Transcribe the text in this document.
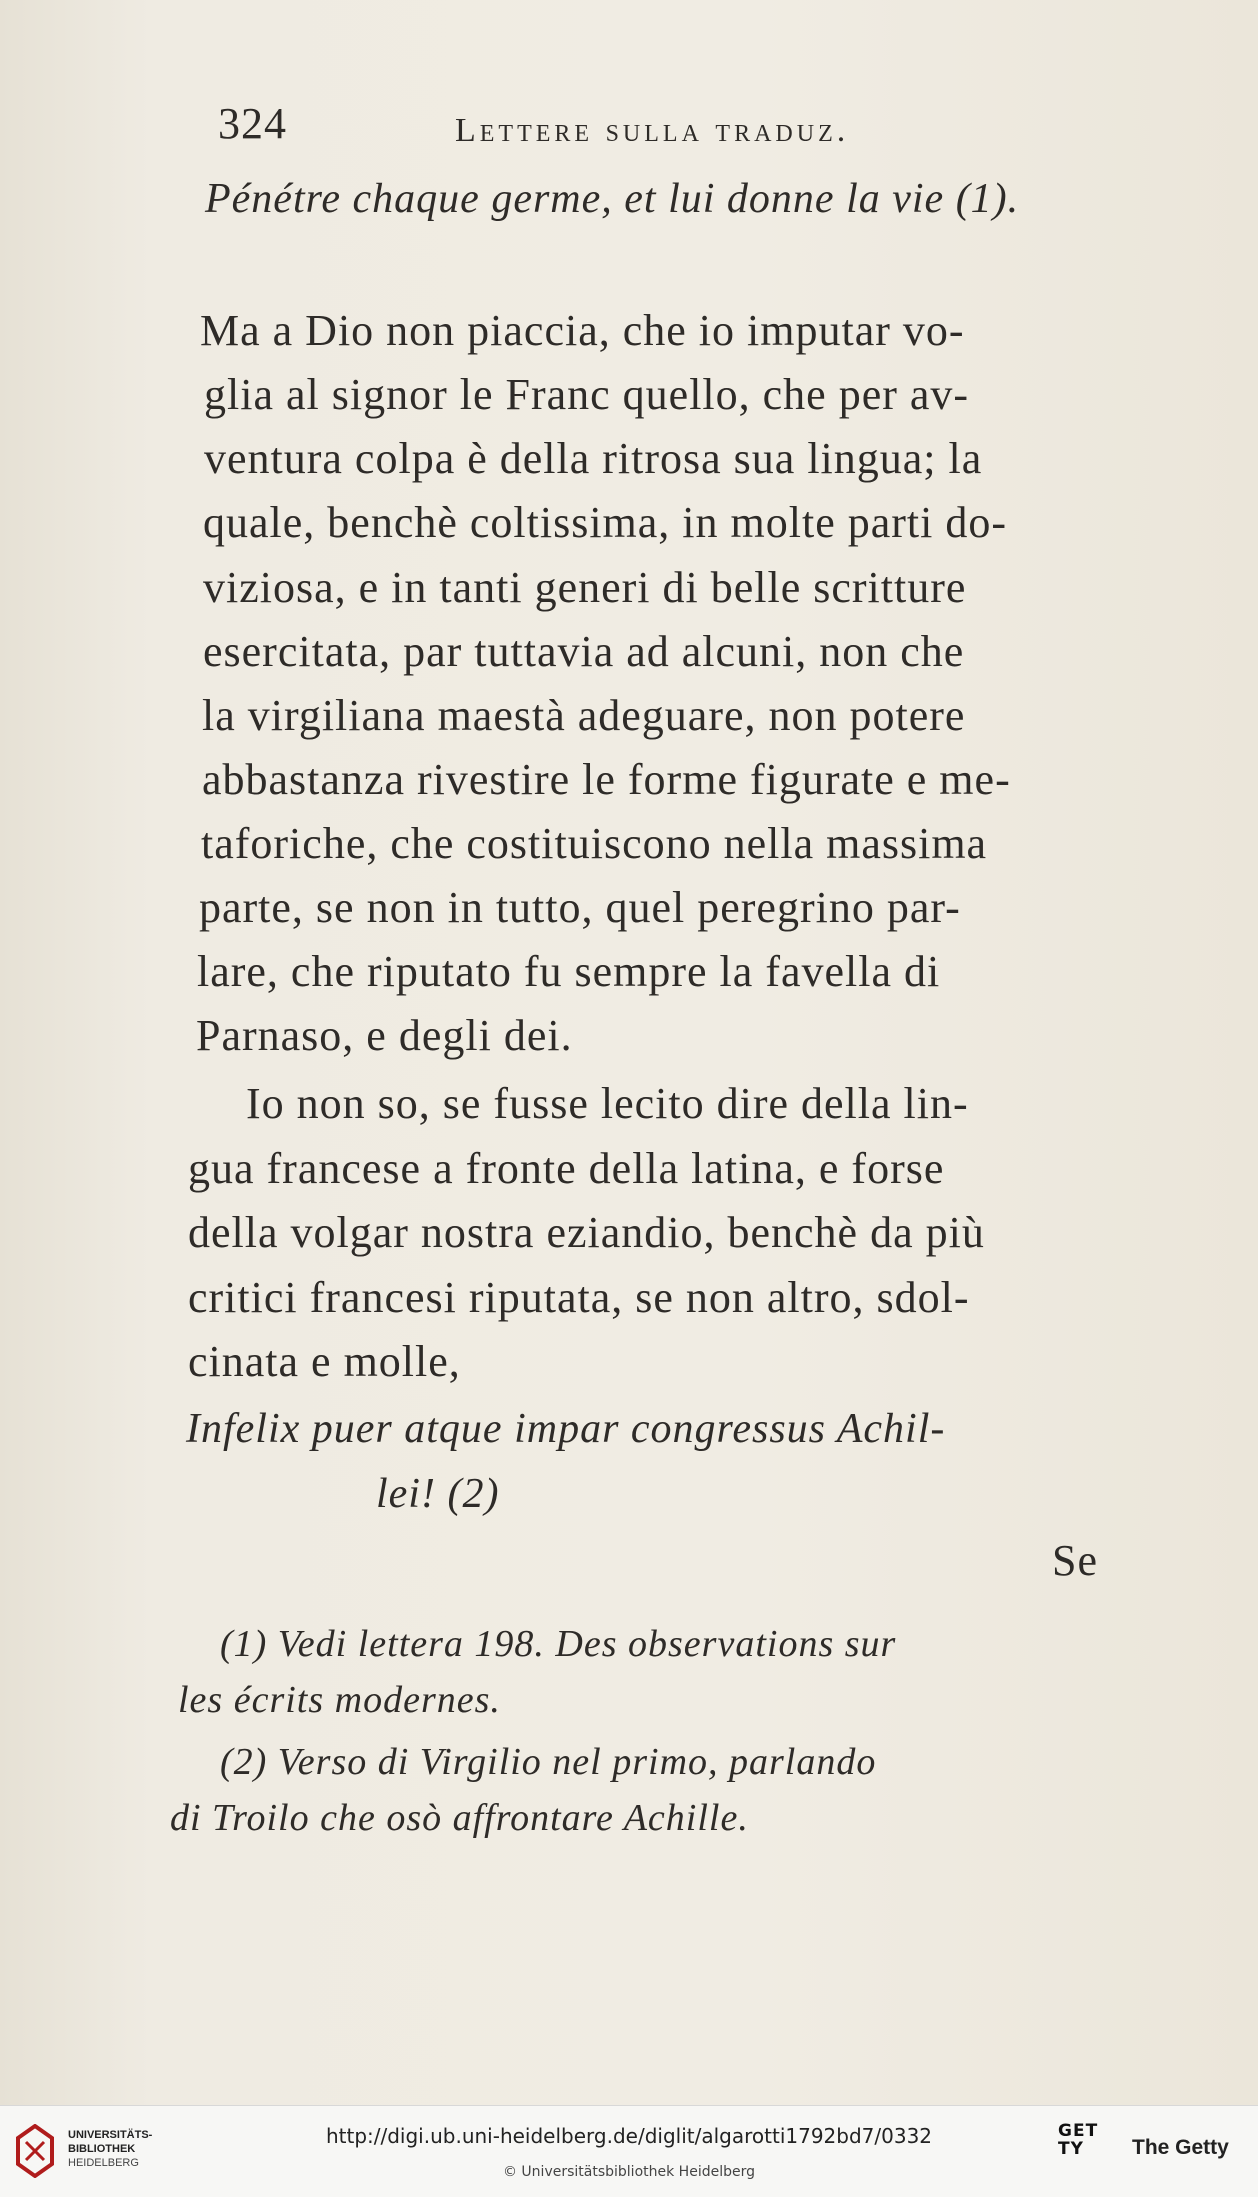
324	Lettere sulla traduz.
Pénétre chaque germe, et lui donne la vie (1).
Ma a Dio non piaccia, che io imputar vo-
glia al signor le Franc quello, che per av-
ventura colpa è della ritrosa sua lingua; la
quale, benchè coltissima, in molte parti do-
viziosa, e in tanti generi di belle scritture
esercitata, par tuttavia ad alcuni, non che
la virgiliana maestà adeguare, non potere
abbastanza rivestire le forme figurate e me-
taforiche, che costituiscono nella massima
parte, se non in tutto, quel peregrino par-
lare, che riputato fu sempre la favella di
Parnaso, e degli dei.
Io non so, se fusse lecito dire della lin-
gua francese a fronte della latina, e forse
della volgar nostra eziandio, benchè da più
critici francesi riputata, se non altro, sdol-
cinata e molle,
Infelix puer atque impar congressus Achil-
lei! (2)
Se
(1) Vedi lettera 198. Des observations sur
les écrits modernes.
(2) Verso di Virgilio nel primo, parlando
di Troilo che osò affrontare Achille.
UNIVERSITÄTS-
BIBLIOTHEK
HEIDELBERG
http://digi.ub.uni-heidelberg.de/diglit/algarotti1792bd7/0332
© Universitätsbibliothek Heidelberg
GETTY	The Getty
